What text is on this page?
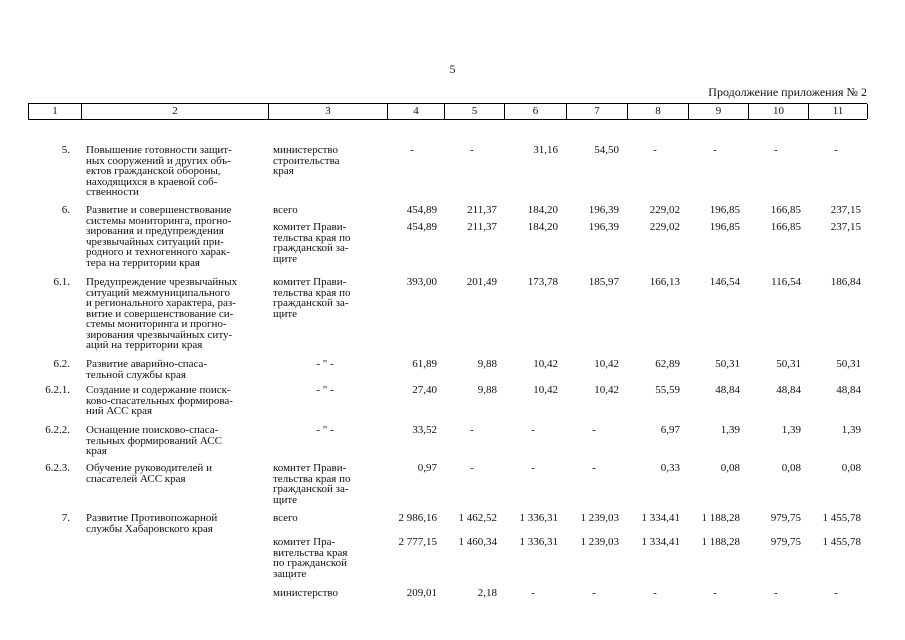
5
Продолжение приложения № 2
1	2	3	4	5	6	7	8	9	10	11
5. Повышение готовности защит-
ных сооружений и других объ-
ектов гражданской обороны,
находящихся в краевой соб-
ственности
министерство
строительства
края
-	-	31,16	54,50	-	-	-	-
6. Развитие и совершенствование
системы мониторинга, прогно-
зирования и предупреждения
чрезвычайных ситуаций при-
родного и техногенного харак-
тера на территории края
всего	454,89	211,37	184,20	196,39	229,02	196,85	166,85	237,15
комитет Прави-
тельства края по
гражданской за-
щите
454,89	211,37	184,20	196,39	229,02	196,85	166,85	237,15
6.1. Предупреждение чрезвычайных
ситуаций межмуниципального
и регионального характера, раз-
витие и совершенствование си-
стемы мониторинга и прогно-
зирования чрезвычайных ситу-
аций на территории края
комитет Прави-
тельства края по
гражданской за-
щите
393,00	201,49	173,78	185,97	166,13	146,54	116,54	186,84
6.2. Развитие аварийно-спаса-
тельной службы края
- " -	61,89	9,88	10,42	10,42	62,89	50,31	50,31	50,31
6.2.1. Создание и содержание поиск-
ково-спасательных формирова-
ний АСС края
- " -	27,40	9,88	10,42	10,42	55,59	48,84	48,84	48,84
6.2.2. Оснащение поисково-спаса-
тельных формирований АСС
края
- " -	33,52	-	-	-	6,97	1,39	1,39	1,39
6.2.3. Обучение руководителей и
спасателей АСС края
комитет Прави-
тельства края по
гражданской за-
щите
0,97	-	-	-	0,33	0,08	0,08	0,08
7. Развитие Противопожарной
службы Хабаровского края
всего	2 986,16	1 462,52	1 336,31	1 239,03	1 334,41	1 188,28	979,75	1 455,78
комитет Пра-
вительства края
по гражданской
защите
2 777,15	1 460,34	1 336,31	1 239,03	1 334,41	1 188,28	979,75	1 455,78
министерство	209,01	2,18	-	-	-	-	-	-
